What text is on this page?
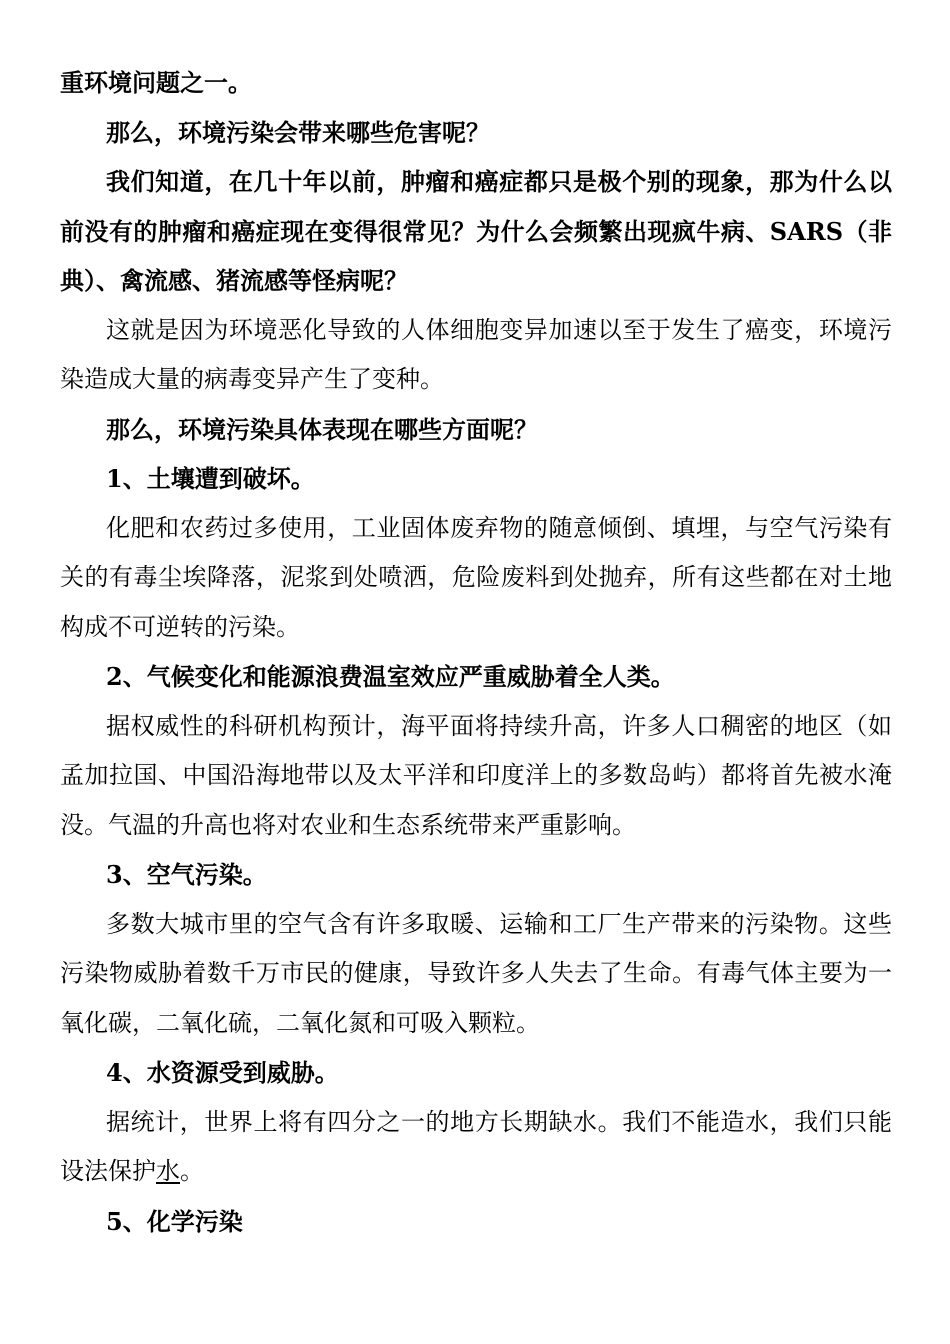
重环境问题之一。

那么，环境污染会带来哪些危害呢？

我们知道，在几十年以前，肿瘤和癌症都只是极个别的现象，那为什么以前没有的肿瘤和癌症现在变得很常见？为什么会频繁出现疯牛病、SARS（非典）、禽流感、猪流感等怪病呢？

这就是因为环境恶化导致的人体细胞变异加速以至于发生了癌变，环境污染造成大量的病毒变异产生了变种。

那么，环境污染具体表现在哪些方面呢？

1、土壤遭到破坏。

化肥和农药过多使用，工业固体废弃物的随意倾倒、填埋，与空气污染有关的有毒尘埃降落，泥浆到处喷洒，危险废料到处抛弃，所有这些都在对土地构成不可逆转的污染。

2、气候变化和能源浪费温室效应严重威胁着全人类。

据权威性的科研机构预计，海平面将持续升高，许多人口稠密的地区（如孟加拉国、中国沿海地带以及太平洋和印度洋上的多数岛屿）都将首先被水淹没。气温的升高也将对农业和生态系统带来严重影响。

3、空气污染。

多数大城市里的空气含有许多取暖、运输和工厂生产带来的污染物。这些污染物威胁着数千万市民的健康，导致许多人失去了生命。有毒气体主要为一氧化碳，二氧化硫，二氧化氮和可吸入颗粒。

4、水资源受到威胁。

据统计，世界上将有四分之一的地方长期缺水。我们不能造水，我们只能设法保护水。

5、化学污染
